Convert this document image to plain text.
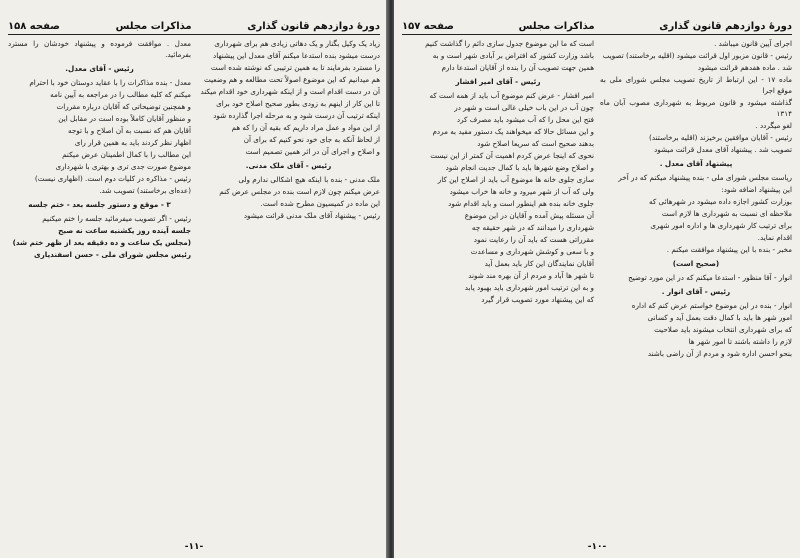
دورهٔ دوازدهم قانون گذاری
مذاکرات مجلس
صفحه ۱۵۸

زیاد یک وکیل بگنار و یک دهاتی زیادی هم برای شهرداری

درست میشود بنده استدعا میکنم آقای معدل این پیشنهاد

را مسترد بفرمایند تا به همین ترتیبی که نوشته شده است

هم میدانیم که این موضوع اصولاً تحت مطالعه و هم وضعیت

آن در دست اقدام است و از اینکه شهرداری خود اقدام میکند

تا این کار از اینهم به زودی بطور صحیح اصلاح خود برای

اینکه ترتیب آن درست شود و به مرحله اجرا گذارده شود

از این مواد و عمل مراد داریم که بقیه آن را که هم

از لحاظ آنکه به جای خود نحو کنیم که برای آن

و اصلاح و اجرای آن در اثر همین تصمیم است

رئیس - آقای ملک مدنی.

ملک مدنی - بنده با اینکه هیچ اشکالی ندارم ولی

عرض میکنم چون لازم است بنده در مجلس عرض کنم

این ماده در کمیسیون مطرح شده است.

رئیس - پیشنهاد آقای ملک مدنی قرائت میشود

معدل . موافقت فرموده و پیشنهاد خودشان را مسترد بفرمائید.

رئیس - آقای معدل.

معدل - بنده مذاکرات را با عقاید دوستان خود با احترام

میکنم که کلیه مطالب را در مراجعه به آیین نامه

و همچنین توضیحاتی که آقایان درباره مقررات

و منظور آقایان کاملاً بوده است در مقابل این

آقایان هم که نسبت به آن اصلاح و با توجه

اظهار نظر کردند باید به همین قرار رای

این مطالب را با کمال اطمینان عرض میکنم

موضوع صورت جدی تری و بهتری با شهرداری

رئیس - مذاکره در کلیات دوم است. (اظهاری نیست)

(عده‌ای برخاستند) تصویب شد.

۳ - موقع و دستور جلسه بعد - ختم جلسه

رئیس - اگر تصویب میفرمائید جلسه را ختم میکنیم

جلسه آینده روز یکشنبه ساعت نه صبح

(مجلس یک ساعت و ده دقیقه بعد از ظهر ختم شد)

رئیس مجلس شورای ملی - حسن اسفندیاری

-۱۱-
دورهٔ دوازدهم قانون گذاری
مذاکرات مجلس
صفحه ۱۵۷

اجرای آیین قانون میباشد .

رئیس - قانون مزبور اول قرائت میشود (اقلیه برخاستند) تصویب

شد . ماده هفدهم قرائت میشود

ماده ۱۷ - این ارتباط از تاریخ تصویب مجلس شورای ملی به موقع اجرا

گذاشته میشود و قانون مربوط به شهرداری مصوب آبان ماه ۱۳۱۴

لغو میگردد .

رئیس - آقایان موافقین برخیزند (اقلیه برخاستند)

تصویب شد . پیشنهاد آقای معدل قرائت میشود

پیشنهاد آقای معدل .

ریاست مجلس شورای ملی - بنده پیشنهاد میکنم که در آخر

این پیشنهاد اضافه شود:

بوزارت کشور اجازه داده میشود در شهرهائی که

ملاحظه ای نسبت به شهرداری ها لازم است

برای ترتیب کار شهرداری ها و اداره امور شهری

اقدام نماید.

مخبر - بنده با این پیشنهاد موافقت میکنم .

(صحیح است)

انوار - آقا منظور - استدعا میکنم که در این مورد توضیح

رئیس - آقای انوار .

انوار - بنده در این موضوع خواستم عرض کنم که اداره

امور شهر ها باید با کمال دقت بعمل آید و کسانی

که برای شهرداری انتخاب میشوند باید صلاحیت

لازم را داشته باشند تا امور شهر ها

بنحو احسن اداره شود و مردم از آن راضی باشند

است که ما این موضوع جدول سازی دائم را گذاشت کنیم

باشد وزارت کشور که افتراض بر آبادی شهر است و به

همین جهت تصویب آن را بنده از آقایان استدعا دارم

رئیس - آقای امیر افشار

امیر افشار - عرض کنم موضوع آب باید از همه است که

چون آب در این باب خیلی غالی است و شهر در

فتح این محل را که آب میشود باید مصرف کرد

و این مسائل حالا که میخواهند یک دستور مفید به مردم

بدهند صحیح است که سریعا اصلاح شود

نحوی که اینجا عرض کردم اهمیت آن کمتر از این نیست

و اصلاح وضع شهرها باید با کمال جدیت انجام شود

سازی جلوی خانه ها موضوع آب باید از اصلاح این کار

ولی که آب از شهر میرود و خانه ها خراب میشود

جلوی خانه بنده هم اینطور است و باید اقدام شود

آن مسئله پیش آمده و آقایان در این موضوع

شهرداری را میدانند که در شهر حقیقه چه

مقرراتی هست که باید آن را رعایت نمود

و با سعی و کوشش شهرداری و مساعدت

آقایان نمایندگان این کار باید بعمل آید

تا شهر ها آباد و مردم از آن بهره مند شوند

و به این ترتیب امور شهرداری باید بهبود یابد

که این پیشنهاد مورد تصویب قرار گیرد

-۱۰-
